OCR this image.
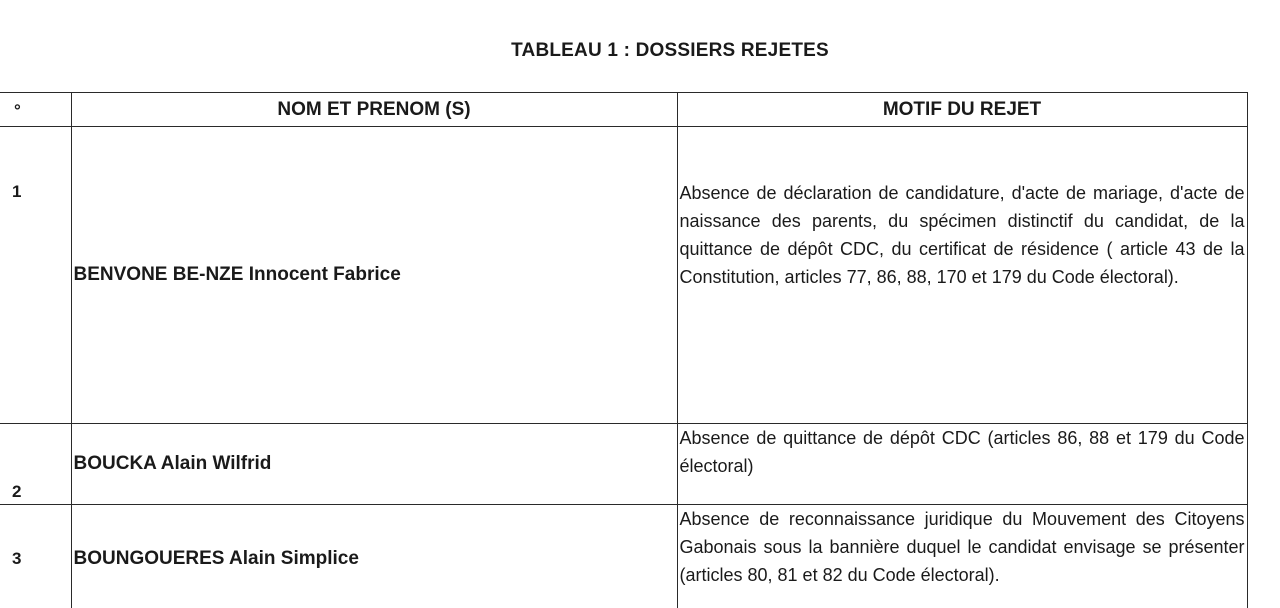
TABLEAU 1 : DOSSIERS REJETES
°	NOM ET PRENOM (S)	MOTIF DU REJET
1	BENVONE BE-NZE Innocent Fabrice	Absence de déclaration de candidature, d'acte de mariage, d'acte de naissance des parents, du spécimen distinctif du candidat, de la quittance de dépôt CDC, du certificat de résidence ( article 43 de la Constitution, articles 77, 86, 88, 170 et 179 du Code électoral).
2	BOUCKA Alain Wilfrid	Absence de quittance de dépôt CDC (articles 86, 88 et 179 du Code électoral)
3	BOUNGOUERES Alain Simplice	Absence de reconnaissance juridique du Mouvement des Citoyens Gabonais sous la bannière duquel le candidat envisage se présenter (articles 80, 81 et 82 du Code électoral).
